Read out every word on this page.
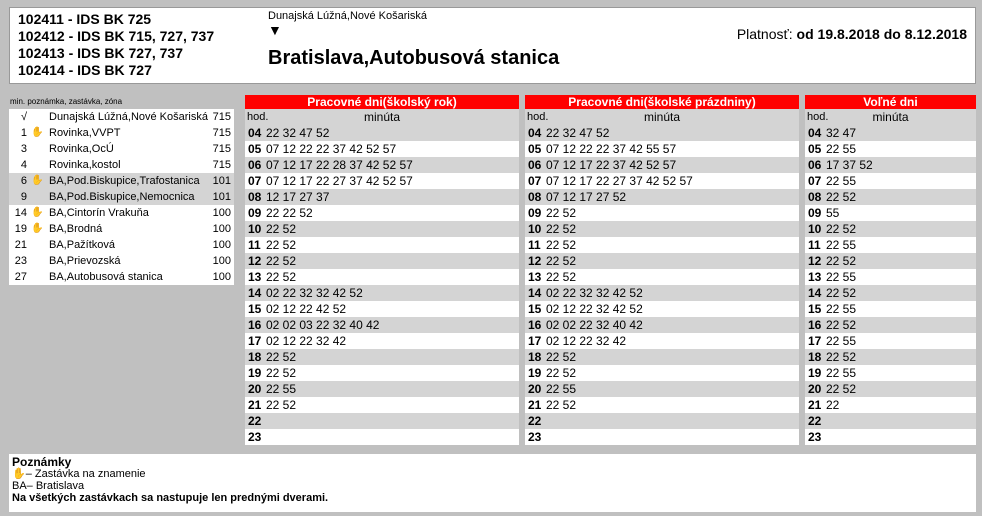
102411 - IDS BK 725
102412 - IDS BK 715, 727, 737
102413 - IDS BK 727, 737
102414 - IDS BK 727
Dunajská Lúžná,Nové Košariská
▼
Bratislava,Autobusová stanica
Platnosť: od 19.8.2018 do 8.12.2018
min. poznámka, zastávka, zóna
√ Dunajská Lúžná,Nové Košariská 715
1 ✋ Rovinka,VVPT	715
3 Rovinka,OcÚ	715
4 Rovinka,kostol	715
6 ✋ BA,Pod.Biskupice,Trafostanica 101
9 BA,Pod.Biskupice,Nemocnica 101
14 ✋ BA,Cintorín Vrakuňa	100
19 ✋ BA,Brodná	100
21 BA,Pažítková	100
23 BA,Prievozská	100
27 BA,Autobusová stanica	100
Pracovné dni(školský rok)
hod.	minúta
04 22 32 47 52
05 07 12 22 22 37 42 52 57
06 07 12 17 22 28 37 42 52 57
07 07 12 17 22 27 37 42 52 57
08 12 17 27 37
09 22 22 52
10 22 52
11 22 52
12 22 52
13 22 52
14 02 22 32 32 42 52
15 02 12 22 42 52
16 02 02 03 22 32 40 42
17 02 12 22 32 42
18 22 52
19 22 52
20 22 55
21 22 52
22
23
Pracovné dni(školské prázdniny)
hod.	minúta
04 22 32 47 52
05 07 12 22 22 37 42 55 57
06 07 12 17 22 37 42 52 57
07 07 12 17 22 27 37 42 52 57
08 07 12 17 27 52
09 22 52
10 22 52
11 22 52
12 22 52
13 22 52
14 02 22 32 32 42 52
15 02 12 22 32 42 52
16 02 02 22 32 40 42
17 02 12 22 32 42
18 22 52
19 22 52
20 22 55
21 22 52
22
23
Voľné dni
hod.	minúta
04 32 47
05 22 55
06 17 37 52
07 22 55
08 22 52
09 55
10 22 52
11 22 55
12 22 52
13 22 55
14 22 52
15 22 55
16 22 52
17 22 55
18 22 52
19 22 55
20 22 52
21 22
22
23
Poznámky
✋– Zastávka na znamenie
BA– Bratislava
Na všetkých zastávkach sa nastupuje len prednými dverami.
